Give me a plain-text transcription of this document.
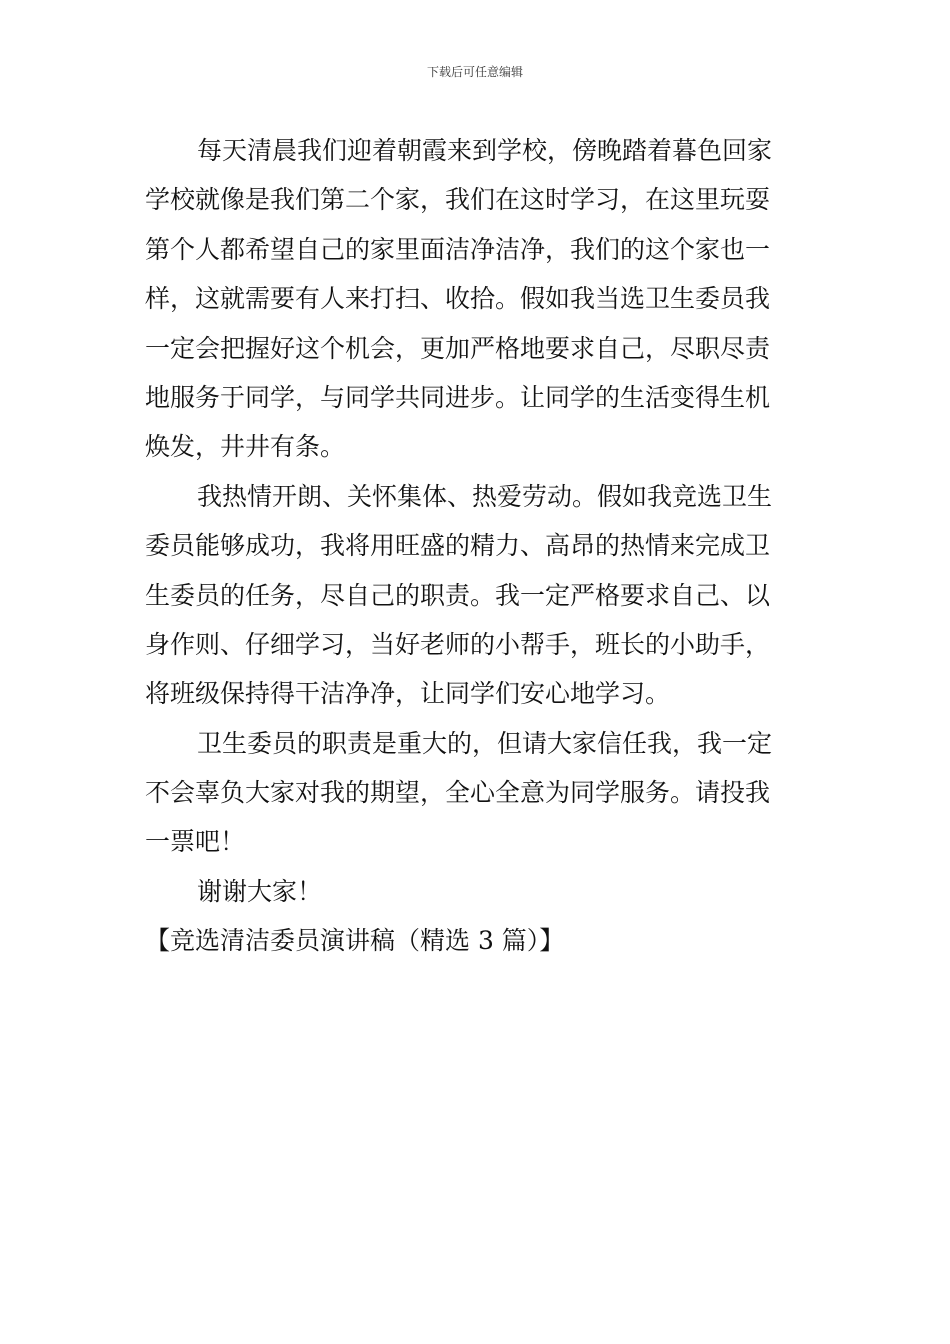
下载后可任意编辑
每天清晨我们迎着朝霞来到学校，傍晚踏着暮色回家
学校就像是我们第二个家，我们在这时学习，在这里玩耍
第个人都希望自己的家里面洁净洁净，我们的这个家也一
样，这就需要有人来打扫、收拾。假如我当选卫生委员我
一定会把握好这个机会，更加严格地要求自己，尽职尽责
地服务于同学，与同学共同进步。让同学的生活变得生机
焕发，井井有条。
我热情开朗、关怀集体、热爱劳动。假如我竞选卫生
委员能够成功，我将用旺盛的精力、高昂的热情来完成卫
生委员的任务，尽自己的职责。我一定严格要求自己、以
身作则、仔细学习，当好老师的小帮手，班长的小助手，
将班级保持得干洁净净，让同学们安心地学习。
卫生委员的职责是重大的，但请大家信任我，我一定
不会辜负大家对我的期望，全心全意为同学服务。请投我
一票吧！
谢谢大家！
【竞选清洁委员演讲稿（精选 3 篇）】
